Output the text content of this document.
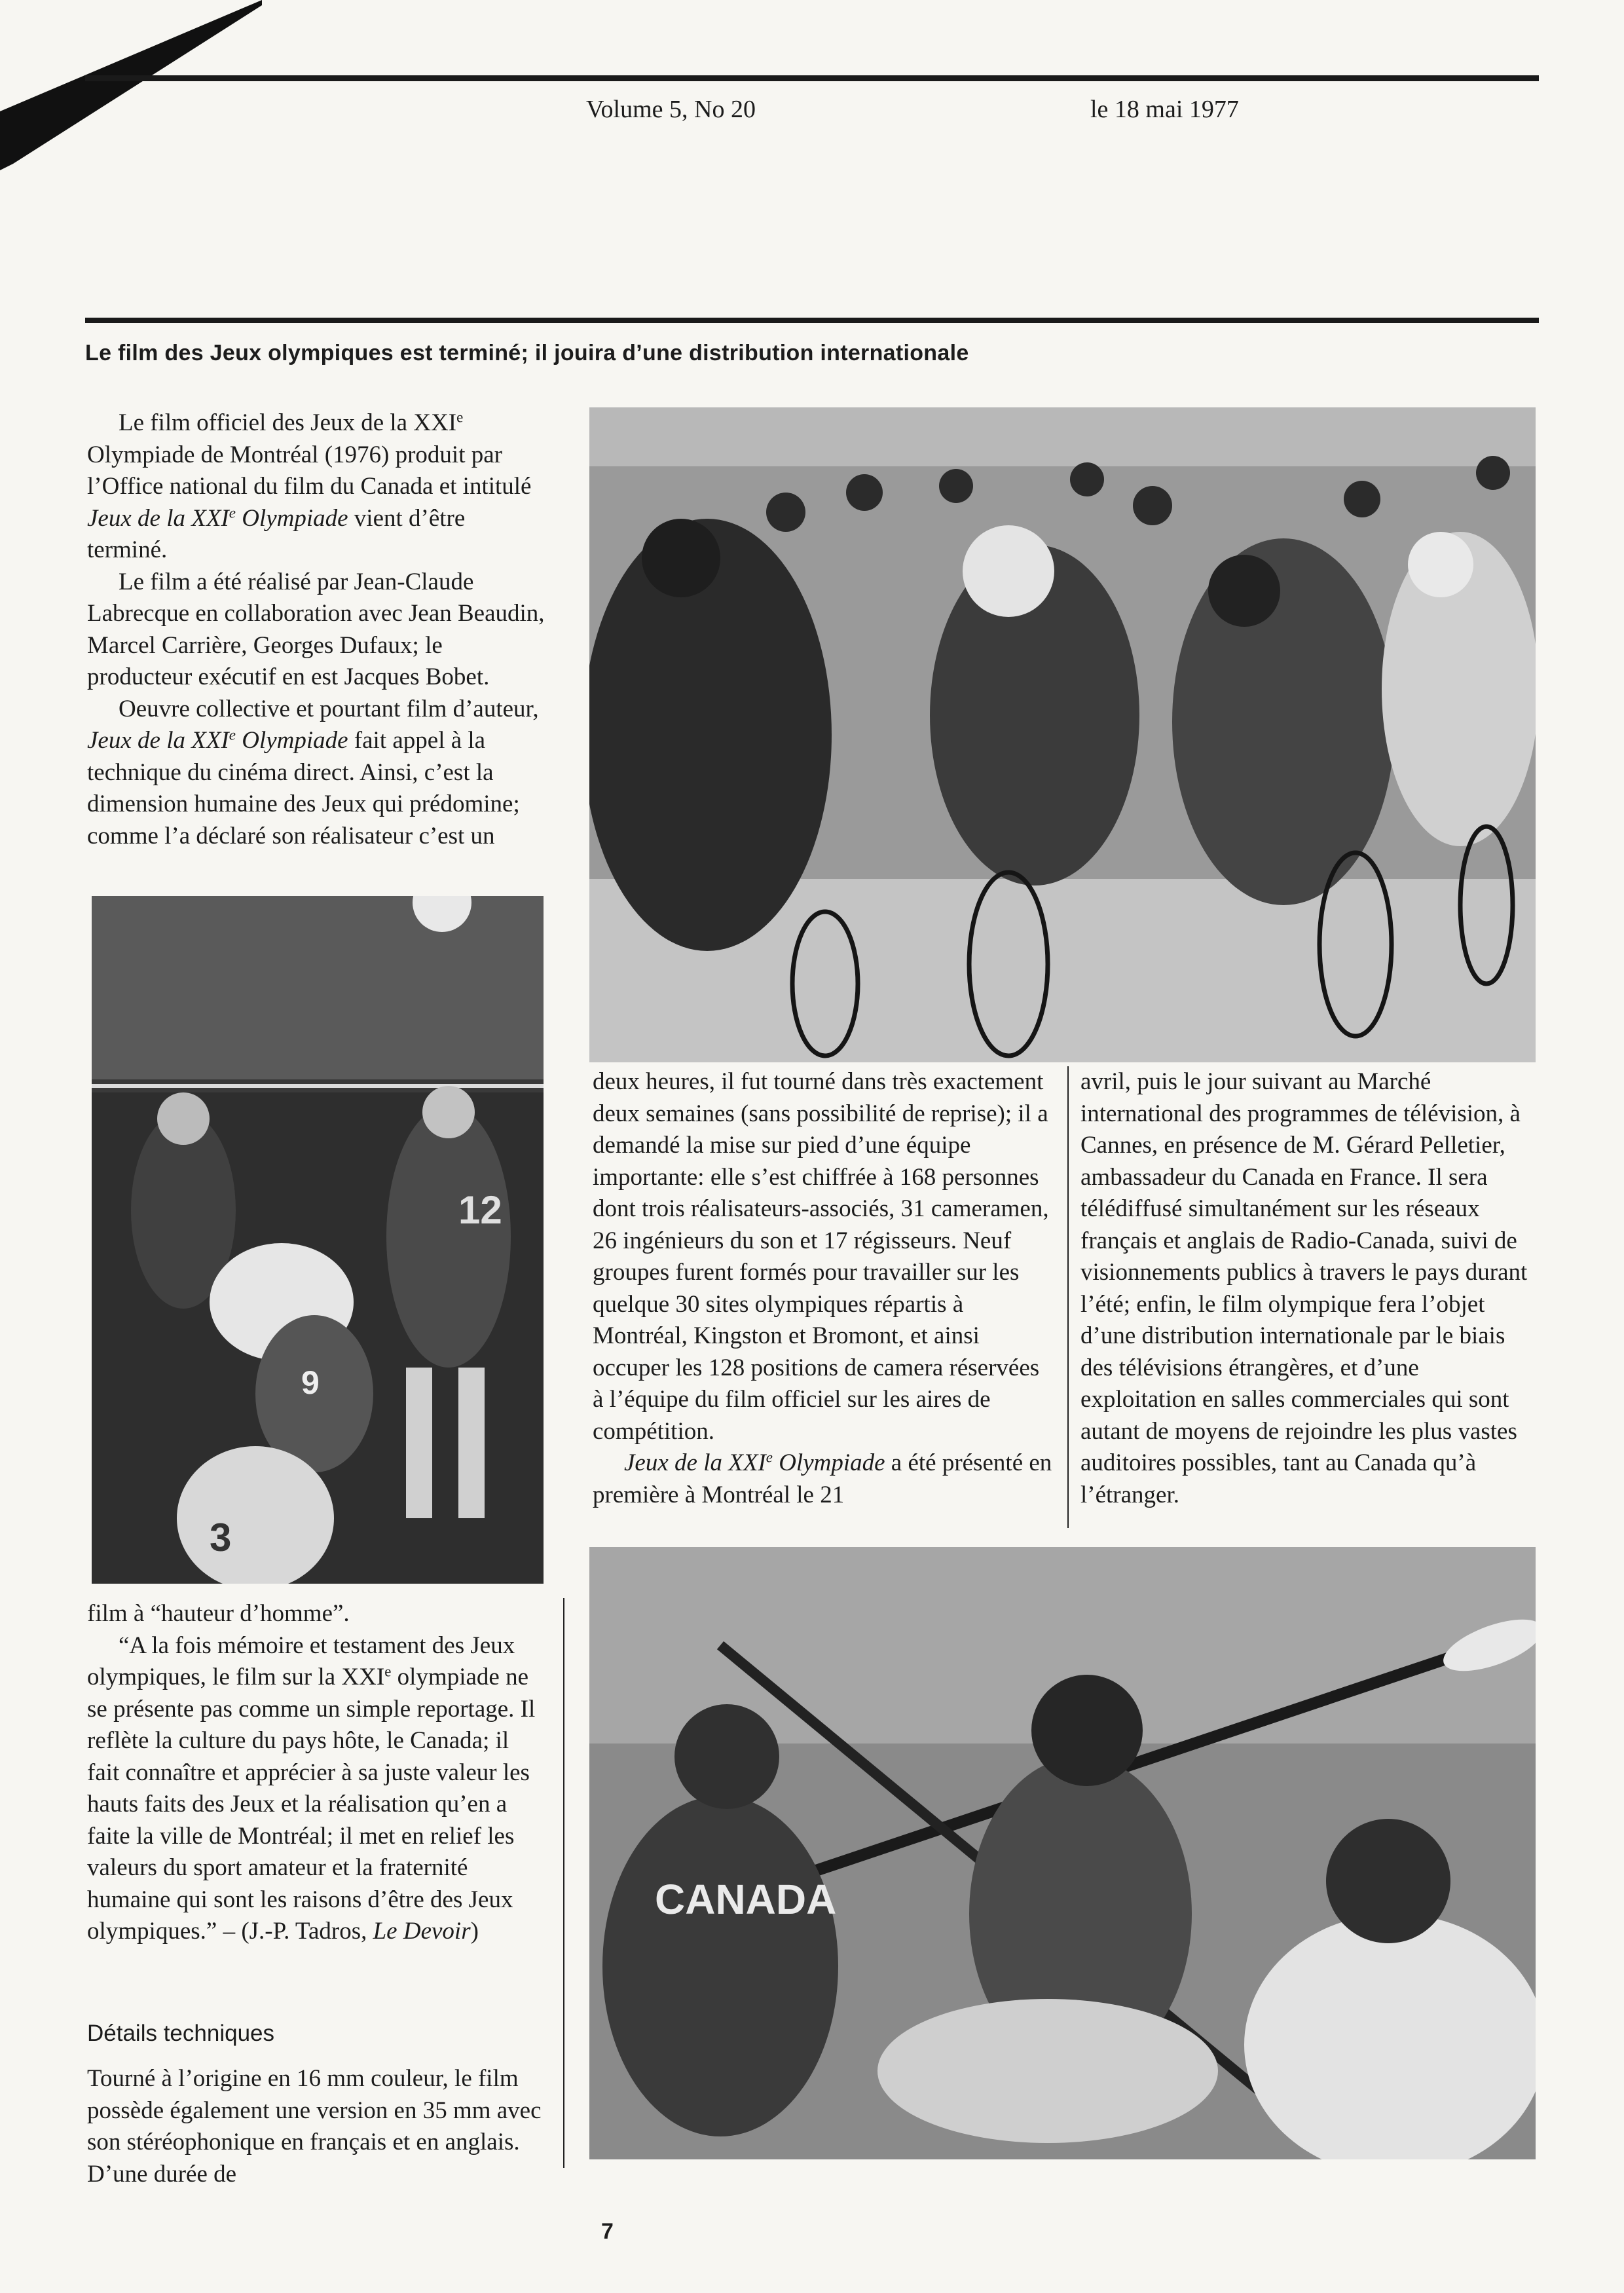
Volume 5, No 20	le 18 mai 1977
Le film des Jeux olympiques est terminé; il jouira d’une distribution internationale

Le film officiel des Jeux de la XXIe Olympiade de Montréal (1976) produit par l’Office national du film du Canada et intitulé Jeux de la XXIe Olympiade vient d’être terminé.

Le film a été réalisé par Jean-Claude Labrecque en collaboration avec Jean Beaudin, Marcel Carrière, Georges Dufaux; le producteur exécutif en est Jacques Bobet.

Oeuvre collective et pourtant film d’auteur, Jeux de la XXIe Olympiade fait appel à la technique du cinéma direct. Ainsi, c’est la dimension humaine des Jeux qui prédomine; comme l’a déclaré son réalisateur c’est un

12
9
3

film à “hauteur d’homme”.

“A la fois mémoire et testament des Jeux olympiques, le film sur la XXIe olympiade ne se présente pas comme un simple reportage. Il reflète la culture du pays hôte, le Canada; il fait connaître et apprécier à sa juste valeur les hauts faits des Jeux et la réalisation qu’en a faite la ville de Montréal; il met en relief les valeurs du sport amateur et la fraternité humaine qui sont les raisons d’être des Jeux olympiques.” – (J.-P. Tadros, Le Devoir)

Détails techniques

Tourné à l’origine en 16 mm couleur, le film possède également une version en 35 mm avec son stéréophonique en français et en anglais. D’une durée de

deux heures, il fut tourné dans très exactement deux semaines (sans possibilité de reprise); il a demandé la mise sur pied d’une équipe importante: elle s’est chiffrée à 168 personnes dont trois réalisateurs-associés, 31 cameramen, 26 ingénieurs du son et 17 régisseurs. Neuf groupes furent formés pour travailler sur les quelque 30 sites olympiques répartis à Montréal, Kingston et Bromont, et ainsi occuper les 128 positions de camera réservées à l’équipe du film officiel sur les aires de compétition.

Jeux de la XXIe Olympiade a été présenté en première à Montréal le 21

avril, puis le jour suivant au Marché international des programmes de télévision, à Cannes, en présence de M. Gérard Pelletier, ambassadeur du Canada en France. Il sera télédiffusé simultanément sur les réseaux français et anglais de Radio-Canada, suivi de visionnements publics à travers le pays durant l’été; enfin, le film olympique fera l’objet d’une distribution internationale par le biais des télévisions étrangères, et d’une exploitation en salles commerciales qui sont autant de moyens de rejoindre les plus vastes auditoires possibles, tant au Canada qu’à l’étranger.

CANADA
7
